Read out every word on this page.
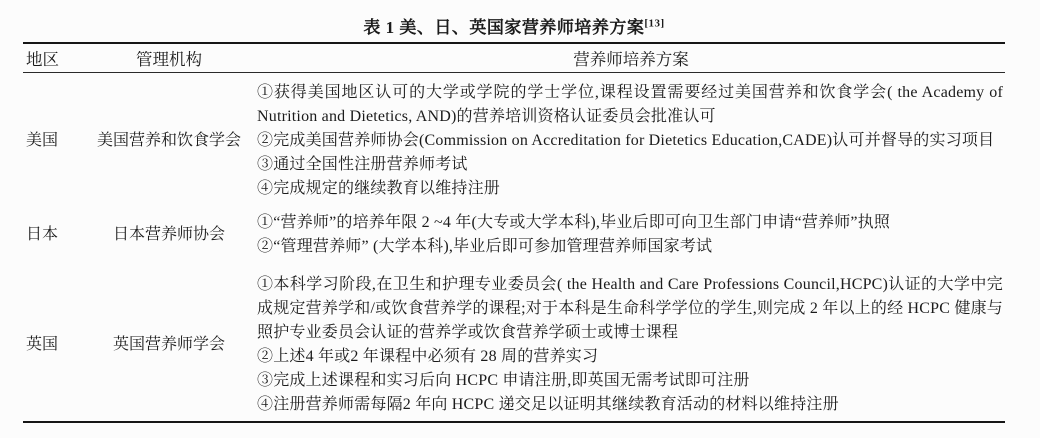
表 1 美、日、英国家营养师培养方案[13]
地区	管理机构	营养师培养方案
美国	美国营养和饮食学会

①获得美国地区认可的大学或学院的学士学位,课程设置需要经过美国营养和饮食学会( the Academy of Nutrition and Dietetics, AND)的营养培训资格认证委员会批准认可

②完成美国营养师协会(Commission on Accreditation for Dietetics Education,CADE)认可并督导的实习项目

③通过全国性注册营养师考试

④完成规定的继续教育以维持注册

日本	日本营养师协会

①“营养师”的培养年限 2 ~4 年(大专或大学本科),毕业后即可向卫生部门申请“营养师”执照

②“管理营养师” (大学本科),毕业后即可参加管理营养师国家考试

英国	英国营养师学会

①本科学习阶段,在卫生和护理专业委员会( the Health and Care Professions Council,HCPC)认证的大学中完成规定营养学和/或饮食营养学的课程;对于本科是生命科学学位的学生,则完成 2 年以上的经 HCPC 健康与照护专业委员会认证的营养学或饮食营养学硕士或博士课程

②上述4 年或2 年课程中必须有 28 周的营养实习

③完成上述课程和实习后向 HCPC 申请注册,即英国无需考试即可注册

④注册营养师需每隔2 年向 HCPC 递交足以证明其继续教育活动的材料以维持注册
